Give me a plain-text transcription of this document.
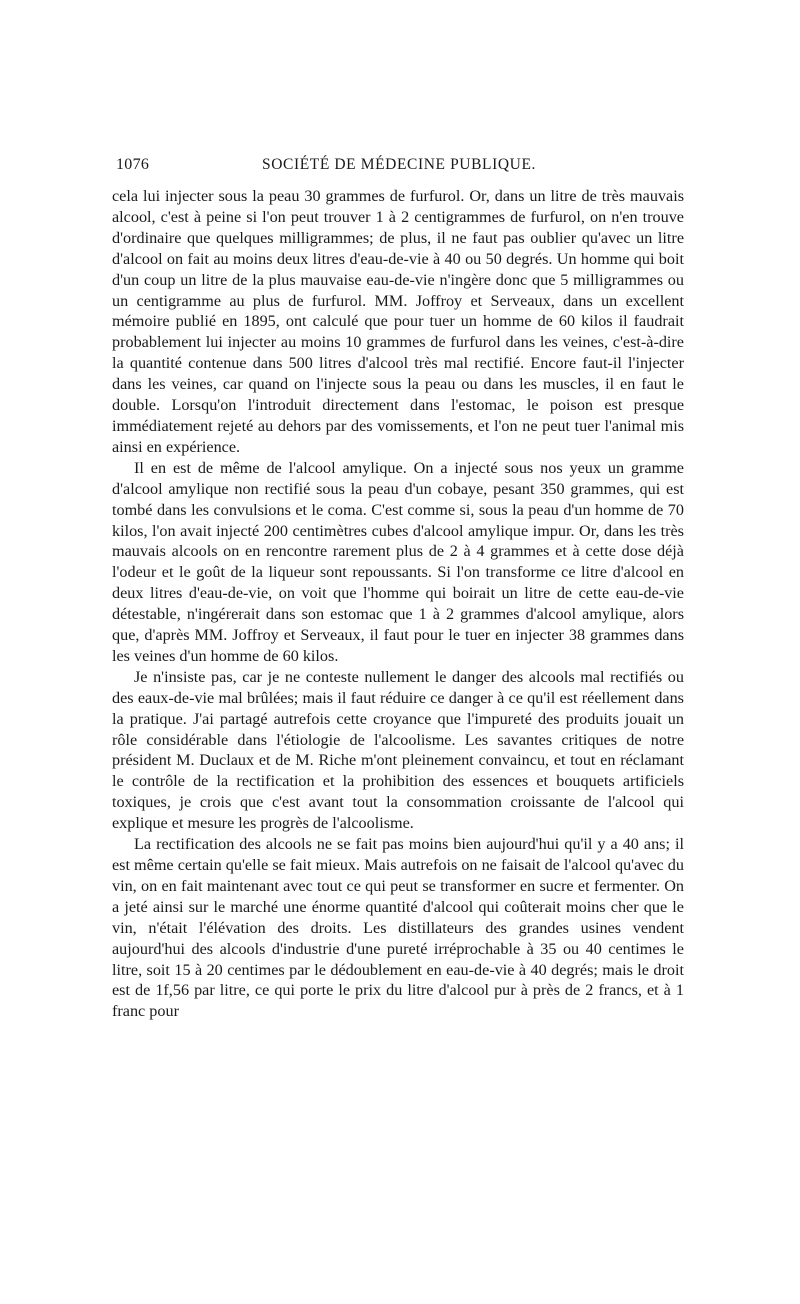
1076	SOCIÉTÉ DE MÉDECINE PUBLIQUE.

cela lui injecter sous la peau 30 grammes de furfurol. Or, dans un litre de très mauvais alcool, c'est à peine si l'on peut trouver 1 à 2 centigrammes de furfurol, on n'en trouve d'ordinaire que quelques milligrammes; de plus, il ne faut pas oublier qu'avec un litre d'alcool on fait au moins deux litres d'eau-de-vie à 40 ou 50 degrés. Un homme qui boit d'un coup un litre de la plus mauvaise eau-de-vie n'ingère donc que 5 milligrammes ou un centigramme au plus de furfurol. MM. Joffroy et Serveaux, dans un excellent mémoire publié en 1895, ont calculé que pour tuer un homme de 60 kilos il faudrait probablement lui injecter au moins 10 grammes de furfurol dans les veines, c'est-à-dire la quantité contenue dans 500 litres d'alcool très mal rectifié. Encore faut-il l'injecter dans les veines, car quand on l'injecte sous la peau ou dans les muscles, il en faut le double. Lorsqu'on l'introduit directement dans l'estomac, le poison est presque immédiatement rejeté au dehors par des vomissements, et l'on ne peut tuer l'animal mis ainsi en expérience.

Il en est de même de l'alcool amylique. On a injecté sous nos yeux un gramme d'alcool amylique non rectifié sous la peau d'un cobaye, pesant 350 grammes, qui est tombé dans les convulsions et le coma. C'est comme si, sous la peau d'un homme de 70 kilos, l'on avait injecté 200 centimètres cubes d'alcool amylique impur. Or, dans les très mauvais alcools on en rencontre rarement plus de 2 à 4 grammes et à cette dose déjà l'odeur et le goût de la liqueur sont repoussants. Si l'on transforme ce litre d'alcool en deux litres d'eau-de-vie, on voit que l'homme qui boirait un litre de cette eau-de-vie détestable, n'ingérerait dans son estomac que 1 à 2 grammes d'alcool amylique, alors que, d'après MM. Joffroy et Serveaux, il faut pour le tuer en injecter 38 grammes dans les veines d'un homme de 60 kilos.

Je n'insiste pas, car je ne conteste nullement le danger des alcools mal rectifiés ou des eaux-de-vie mal brûlées; mais il faut réduire ce danger à ce qu'il est réellement dans la pratique. J'ai partagé autrefois cette croyance que l'impureté des produits jouait un rôle considérable dans l'étiologie de l'alcoolisme. Les savantes critiques de notre président M. Duclaux et de M. Riche m'ont pleinement convaincu, et tout en réclamant le contrôle de la rectification et la prohibition des essences et bouquets artificiels toxiques, je crois que c'est avant tout la consommation croissante de l'alcool qui explique et mesure les progrès de l'alcoolisme.

La rectification des alcools ne se fait pas moins bien aujourd'hui qu'il y a 40 ans; il est même certain qu'elle se fait mieux. Mais autrefois on ne faisait de l'alcool qu'avec du vin, on en fait maintenant avec tout ce qui peut se transformer en sucre et fermenter. On a jeté ainsi sur le marché une énorme quantité d'alcool qui coûterait moins cher que le vin, n'était l'élévation des droits. Les distillateurs des grandes usines vendent aujourd'hui des alcools d'industrie d'une pureté irréprochable à 35 ou 40 centimes le litre, soit 15 à 20 centimes par le dédoublement en eau-de-vie à 40 degrés; mais le droit est de 1f,56 par litre, ce qui porte le prix du litre d'alcool pur à près de 2 francs, et à 1 franc pour
